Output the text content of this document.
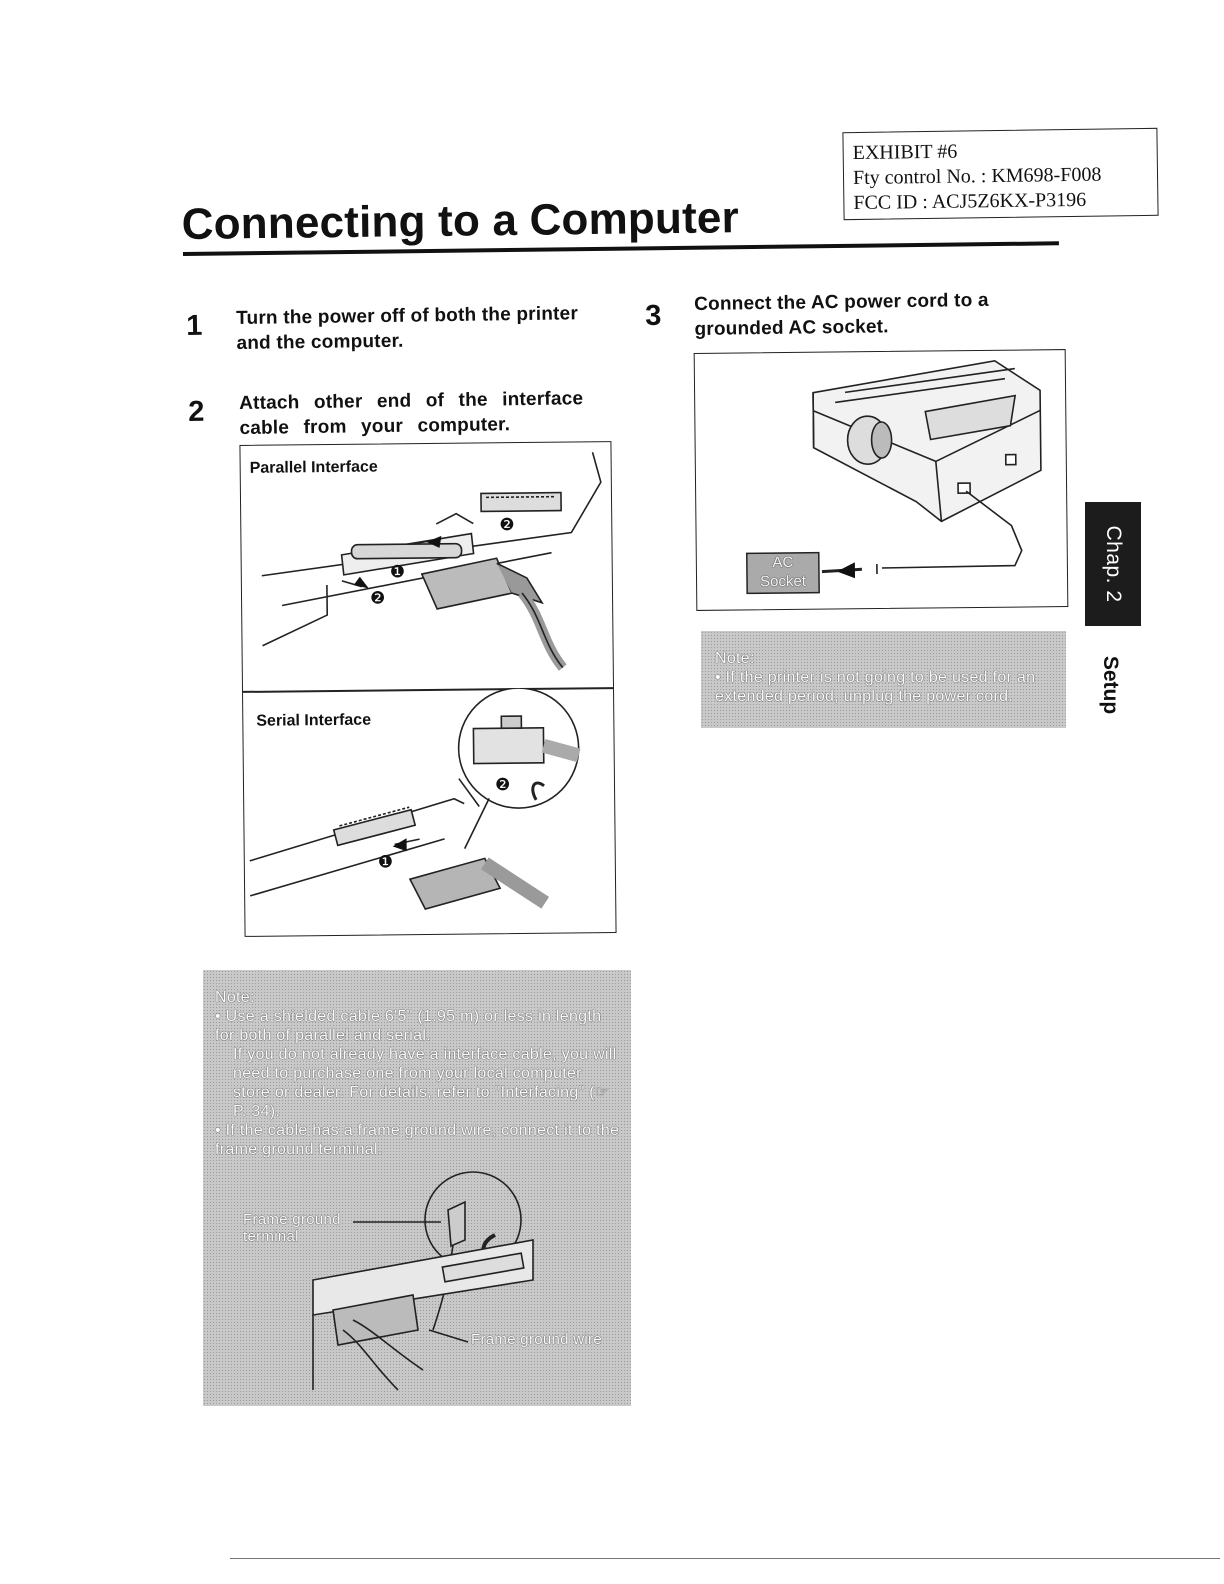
EXHIBIT #6
Fty control No. : KM698-F008
FCC ID : ACJ5Z6KX-P3196
Connecting to a Computer
1 Turn the power off of both the printer and the computer.
2 Attach other end of the interface cable from your computer.
3 Connect the AC power cord to a grounded AC socket.
Parallel Interface
Serial Interface
❶
❷
❷
❶
❷
AC
Socket
Note:
• If the printer is not going to be used for an extended period, unplug the power cord.
Note:
• Use a shielded cable 6'5" (1.95 m) or less in length for both of parallel and serial.
If you do not already have a interface cable, you will need to purchase one from your local computer store or dealer. For details, refer to "Interfacing" (☞ P. 34).
• If the cable has a frame ground wire, connect it to the frame ground terminal.
Frame ground
terminal
Frame ground wire
Chap. 2
Setup
